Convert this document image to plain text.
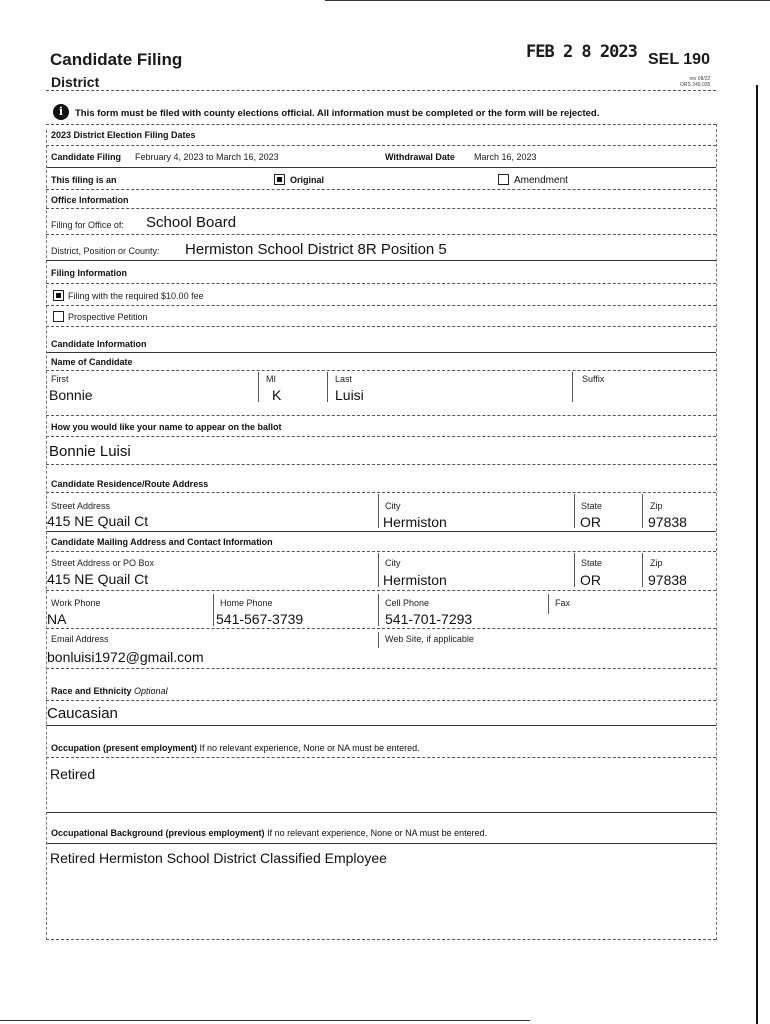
Candidate Filing
District
FEB 2 8 2023 SEL 190
rev 08/22
ORS 249.035
i	This form must be filed with county elections official. All information must be completed or the form will be rejected.
2023 District Election Filing Dates
Candidate Filing February 4, 2023 to March 16, 2023	Withdrawal Date March 16, 2023
This filing is an	Original	Amendment
Office Information
Filing for Office of: School Board
District, Position or County: Hermiston School District 8R Position 5
Filing Information
Filing with the required $10.00 fee
Prospective Petition
Candidate Information
Name of Candidate
First
Bonnie
MI
K
Last
Luisi
Suffix
How you would like your name to appear on the ballot
Bonnie Luisi
Candidate Residence/Route Address
Street Address
415 NE Quail Ct
City
Hermiston
State
OR
Zip
97838
Candidate Mailing Address and Contact Information
Street Address or PO Box
415 NE Quail Ct
City
Hermiston
State
OR
Zip
97838
Work Phone
NA
Home Phone
541-567-3739
Cell Phone
541-701-7293
Fax
Email Address
bonluisi1972@gmail.com
Web Site, if applicable
Race and Ethnicity Optional
Caucasian
Occupation (present employment) If no relevant experience, None or NA must be entered.
Retired
Occupational Background (previous employment) If no relevant experience, None or NA must be entered.
Retired Hermiston School District Classified Employee
